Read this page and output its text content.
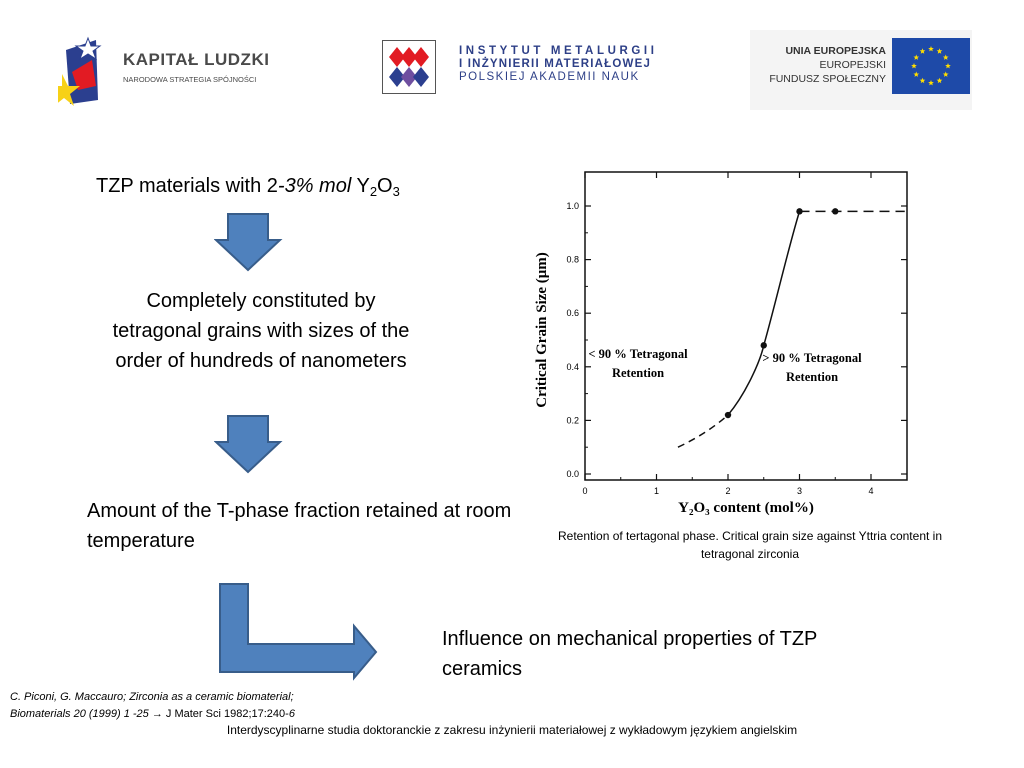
KAPITAŁ LUDZKI
NARODOWA STRATEGIA SPÓJNOŚCI
INSTYTUT METALURGII
I INŻYNIERII MATERIAŁOWEJ
POLSKIEJ AKADEMII NAUK
UNIA EUROPEJSKA
EUROPEJSKI
FUNDUSZ SPOŁECZNY
TZP materials with 2-3% mol $Y_2O_3$
Completely constituted by tetragonal grains with sizes of the order of hundreds of nanometers
Amount of the T-phase fraction retained at room temperature
Influence on mechanical properties of TZP ceramics
0	1	2	3	4
0.0
0.2
0.4
0.6
0.8
1.0
< 90 % Tetragonal
Retention
> 90 % Tetragonal
Retention
Y₂O₃ content (mol%)
Critical Grain Size (μm)
Retention of tertagonal phase. Critical grain size against Yttria content in tetragonal zirconia
C. Piconi, G. Maccauro; Zirconia as a ceramic biomaterial;
Biomaterials 20 (1999) 1 -25 → J Mater Sci 1982;17:240-6
Interdyscyplinarne studia doktoranckie z zakresu inżynierii materiałowej z wykładowym językiem angielskim
